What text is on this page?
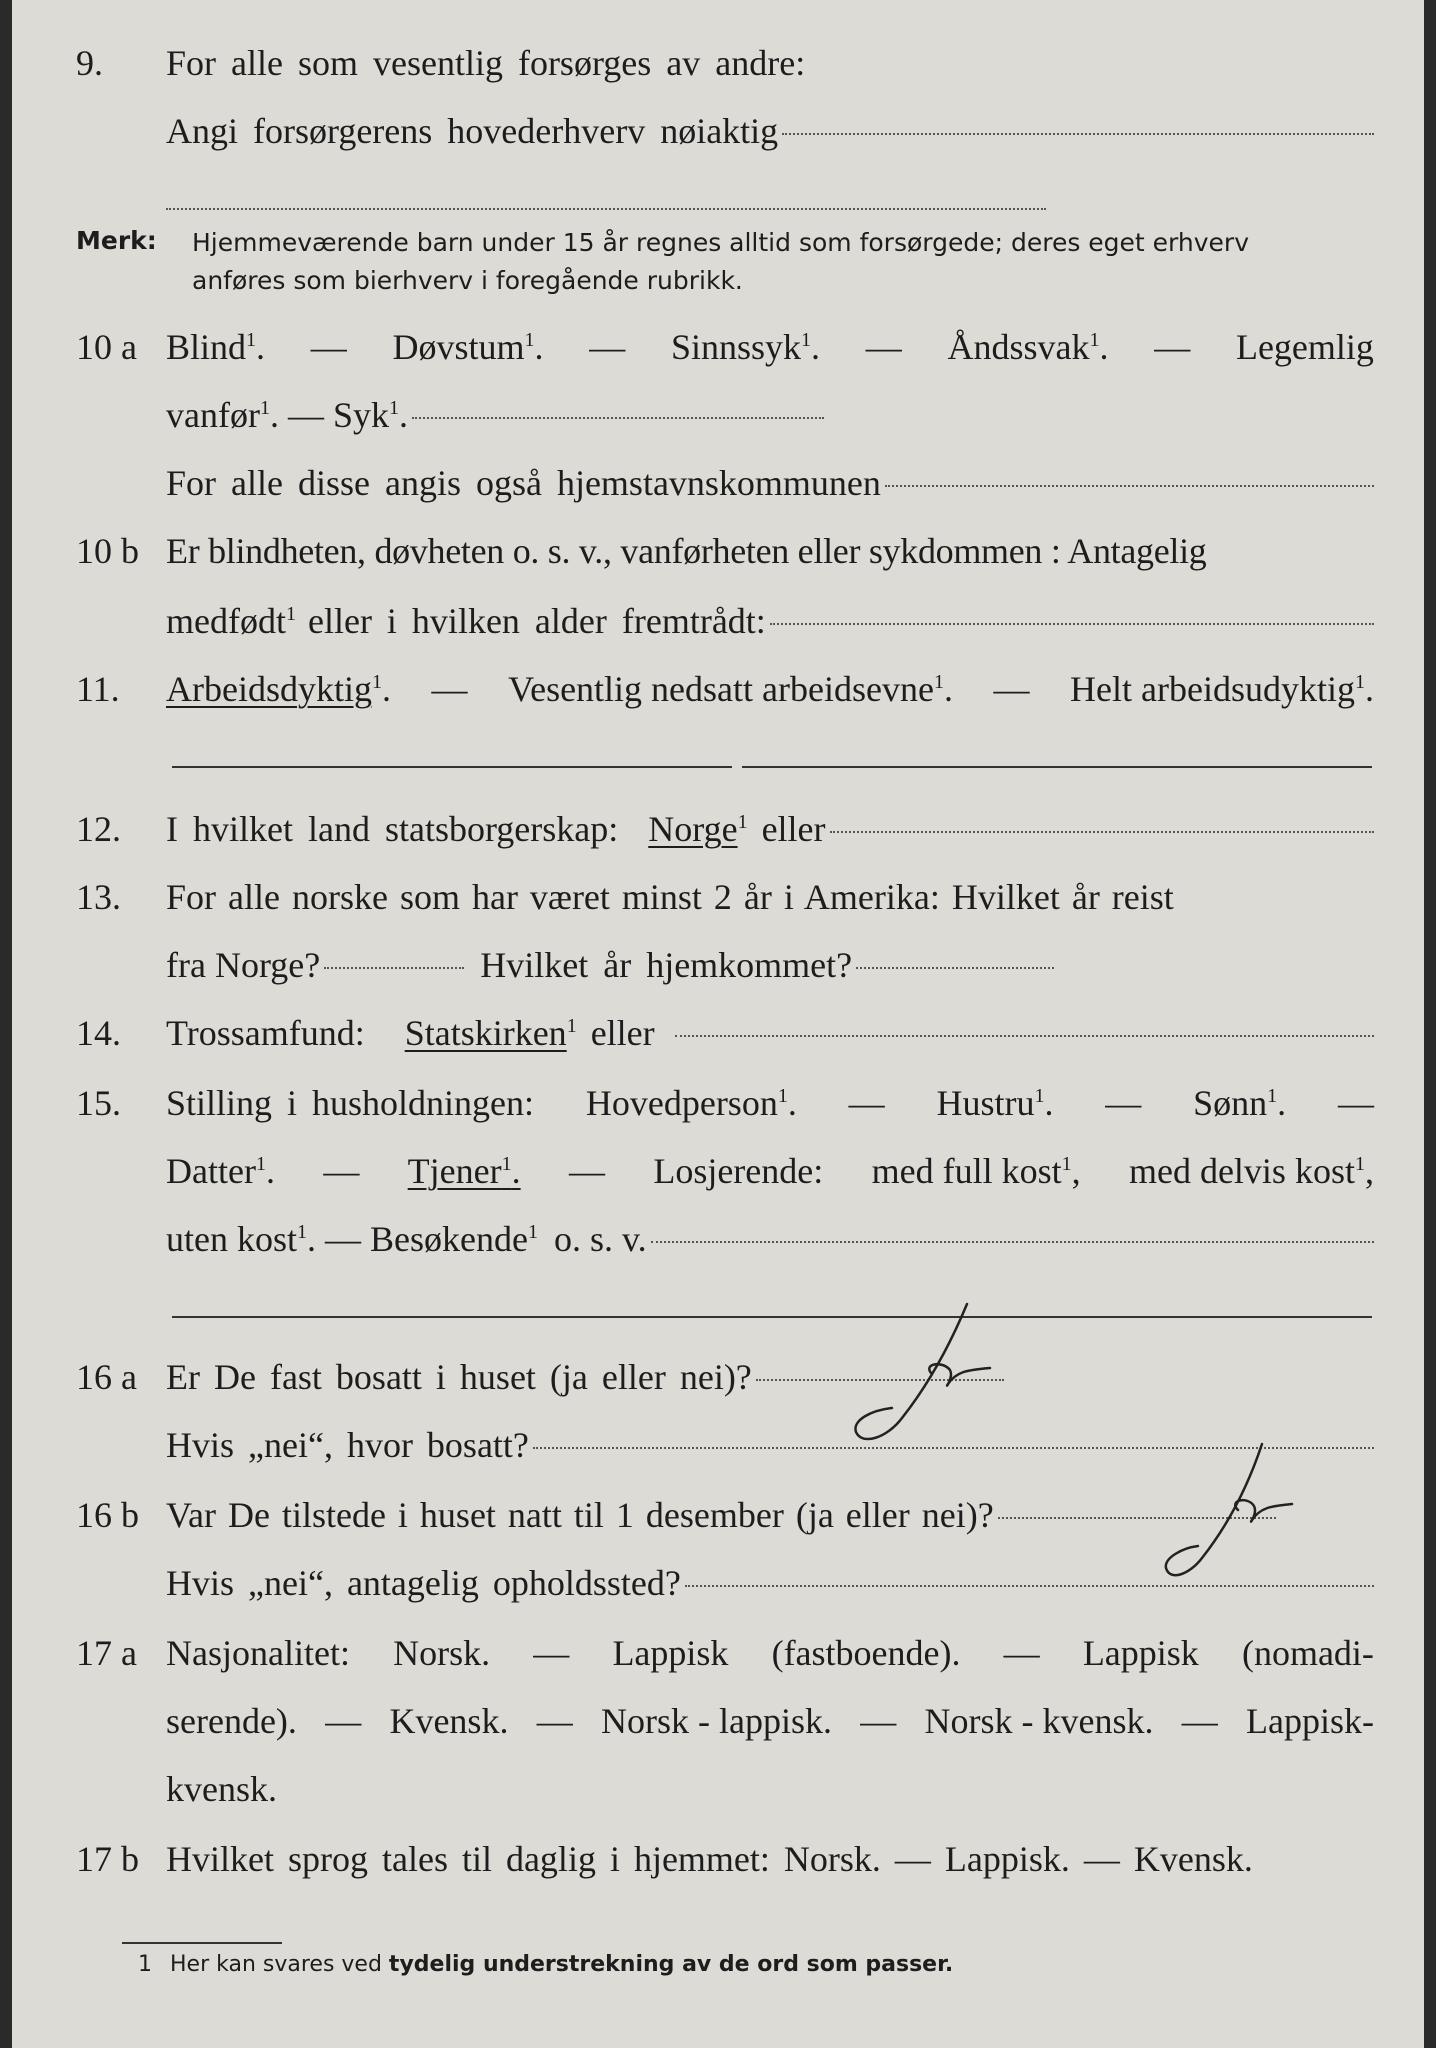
9. For alle som vesentlig forsørges av andre:
Angi forsørgerens hovederhverv nøiaktig
Merk: Hjemmeværende barn under 15 år regnes alltid som forsørgede; deres eget erhverv
anføres som bierhverv i foregående rubrikk.
10 a Blind$^1$. — Døvstum$^1$. — Sinnssyk$^1$. — Åndssvak$^1$. — Legemlig
vanfør$^1$. — Syk$^1$.
For alle disse angis også hjemstavnskommunen
10 b Er blindheten, døvheten o. s. v., vanførheten eller sykdommen : Antagelig
medfødt$^1$ eller i hvilken alder fremtrådt:
11. Arbeidsdyktig$^1$. — Vesentlig nedsatt arbeidsevne$^1$. — Helt arbeidsudyktig$^1$.
12. I hvilket land statsborgerskap: Norge$^1$ eller
13. For alle norske som har været minst 2 år i Amerika: Hvilket år reist
fra Norge?	Hvilket år hjemkommet?
14. Trossamfund: Statskirken$^1$ eller
15. Stilling i husholdningen: Hovedperson$^1$. — Hustru$^1$. — Sønn$^1$. —
Datter$^1$. — Tjener$^1$. — Losjerende: med full kost$^1$, med delvis kost$^1$,
uten kost$^1$. — Besøkende$^1$ o. s. v.
16 a Er De fast bosatt i huset (ja eller nei)?
Ja
Hvis „nei“, hvor bosatt?
16 b Var De tilstede i huset natt til 1 desember (ja eller nei)?
Ja
Hvis „nei“, antagelig opholdssted?
17 a Nasjonalitet: Norsk. — Lappisk (fastboende). — Lappisk (nomadi-
serende). — Kvensk. — Norsk - lappisk. — Norsk - kvensk. — Lappisk-
kvensk.
17 b Hvilket sprog tales til daglig i hjemmet: Norsk. — Lappisk. — Kvensk.
1 Her kan svares ved tydelig understrekning av de ord som passer.
